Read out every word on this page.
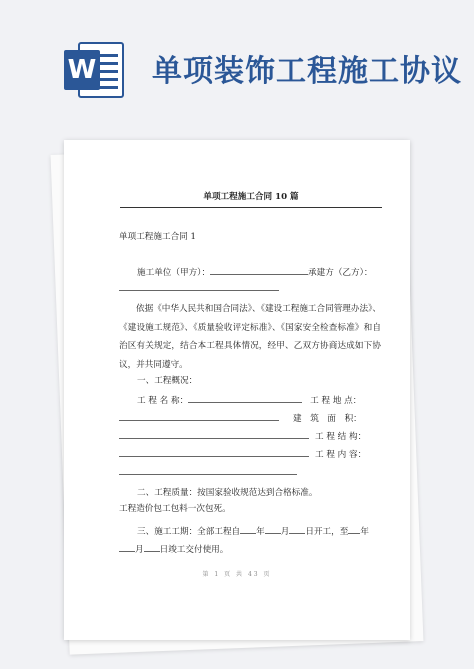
W 单项装饰工程施工协议
单项工程施工合同 10 篇
单项工程施工合同 1
施工单位（甲方）：	承建方（乙方）：
依据《中华人民共和国合同法》、《建设工程施工合同管理办法》、《建设施工规范》、《质量验收评定标准》、《国家安全检查标准》和自治区有关规定，结合本工程具体情况，经甲、乙双方协商达成如下协议，并共同遵守。
一、工程概况：
工 程 名 称：	工 程 地 点：
建　筑　面　积：
工 程 结 构：
工 程 内 容：
二、工程质量：按国家验收规范达到合格标准。
工程造价包工包料一次包死。
三、施工工期：全部工程自 年 月 日开工，至 年
月 日竣工交付使用。
第 1 页 共 43 页
